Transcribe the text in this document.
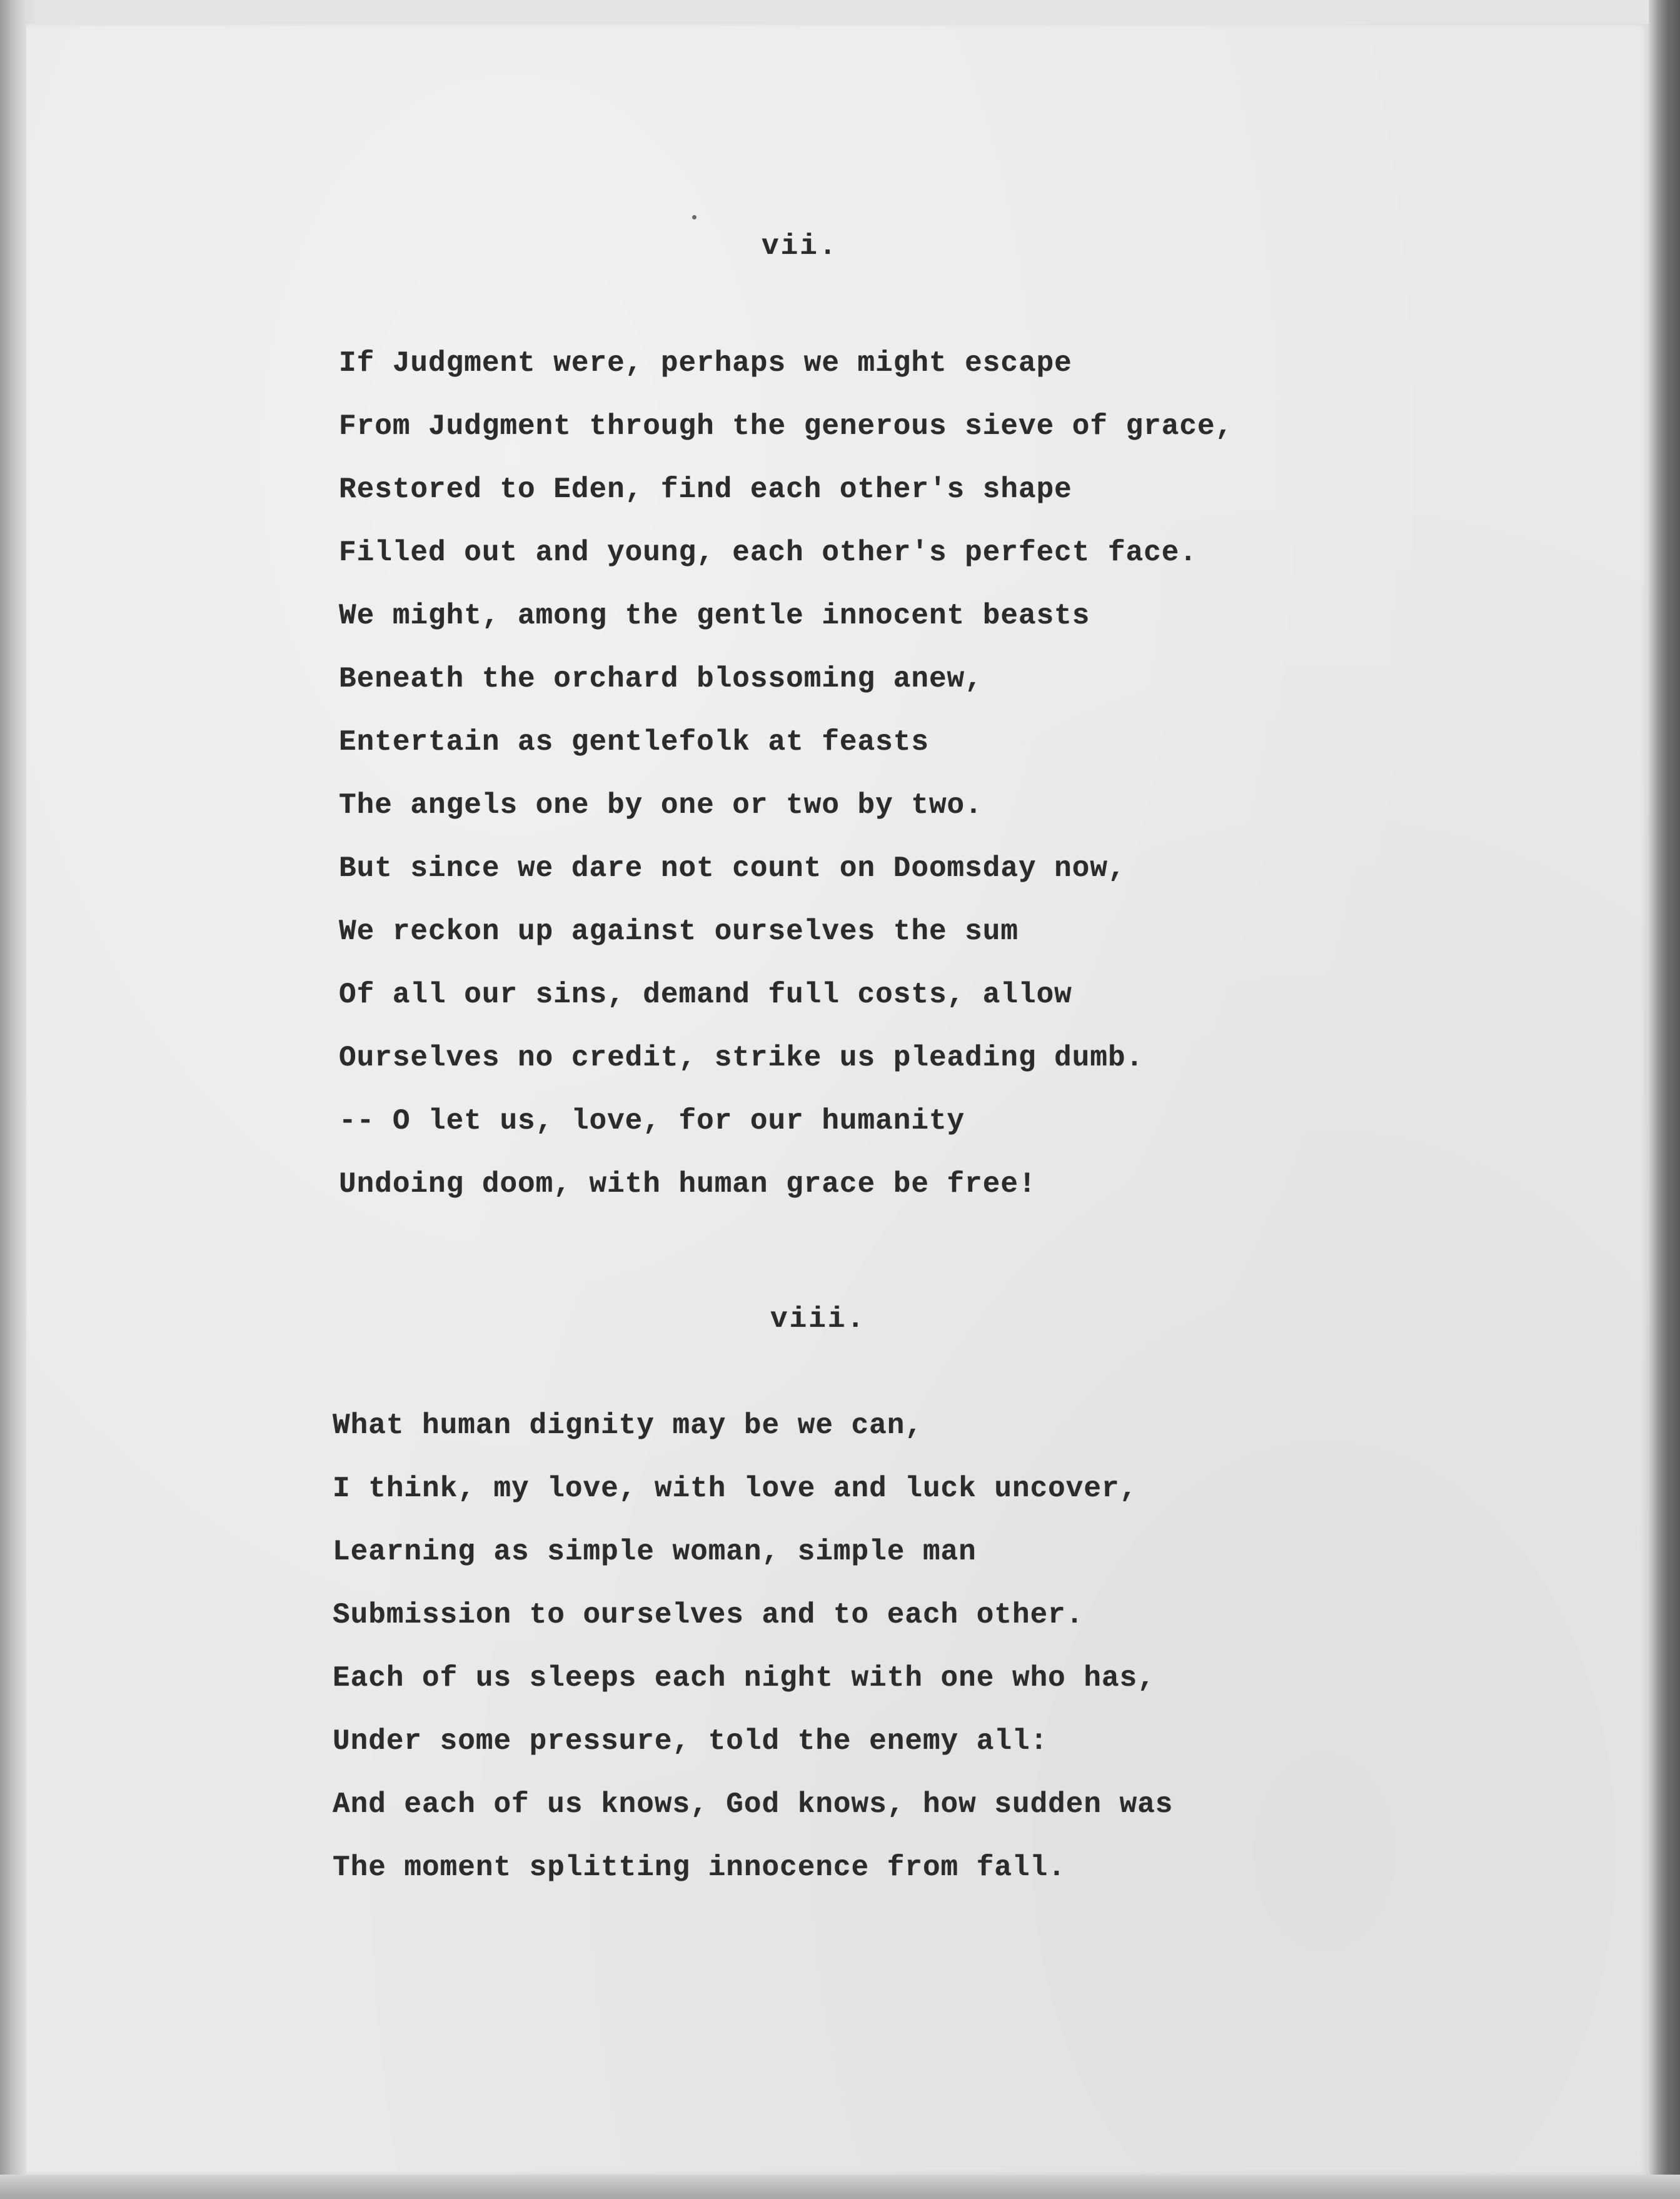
vii.

If Judgment were, perhaps we might escape

From Judgment through the generous sieve of grace,

Restored to Eden, find each other's shape

Filled out and young, each other's perfect face.

We might, among the gentle innocent beasts

Beneath the orchard blossoming anew,

Entertain as gentlefolk at feasts

The angels one by one or two by two.

But since we dare not count on Doomsday now,

We reckon up against ourselves the sum

Of all our sins, demand full costs, allow

Ourselves no credit, strike us pleading dumb.

-- O let us, love, for our humanity

Undoing doom, with human grace be free!

viii.

What human dignity may be we can,

I think, my love, with love and luck uncover,

Learning as simple woman, simple man

Submission to ourselves and to each other.

Each of us sleeps each night with one who has,

Under some pressure, told the enemy all:

And each of us knows, God knows, how sudden was

The moment splitting innocence from fall.
